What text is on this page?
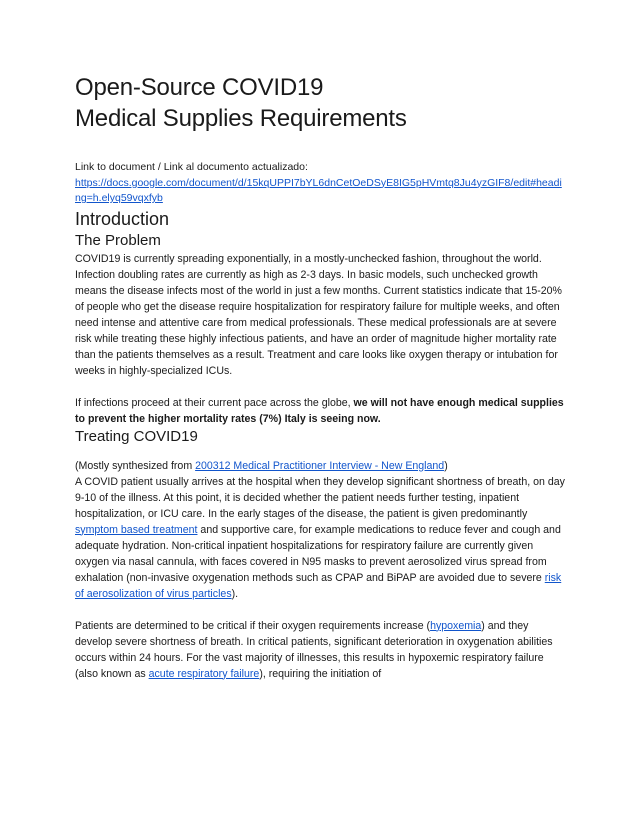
Open-Source COVID19
Medical Supplies Requirements
Link to document / Link al documento actualizado:
https://docs.google.com/document/d/15kqUPPI7bYL6dnCetOeDSyE8IG5pHVmtq8Ju4yzGIF8/edit#heading=h.elyq59vqxfyb
Introduction
The Problem

COVID19 is currently spreading exponentially, in a mostly-unchecked fashion, throughout the world. Infection doubling rates are currently as high as 2-3 days. In basic models, such unchecked growth means the disease infects most of the world in just a few months. Current statistics indicate that 15-20% of people who get the disease require hospitalization for respiratory failure for multiple weeks, and often need intense and attentive care from medical professionals. These medical professionals are at severe risk while treating these highly infectious patients, and have an order of magnitude higher mortality rate than the patients themselves as a result. Treatment and care looks like oxygen therapy or intubation for weeks in highly-specialized ICUs.

If infections proceed at their current pace across the globe, we will not have enough medical supplies to prevent the higher mortality rates (7%) Italy is seeing now.

Treating COVID19

(Mostly synthesized from 200312 Medical Practitioner Interview - New England)

A COVID patient usually arrives at the hospital when they develop significant shortness of breath, on day 9-10 of the illness. At this point, it is decided whether the patient needs further testing, inpatient hospitalization, or ICU care. In the early stages of the disease, the patient is given predominantly symptom based treatment and supportive care, for example medications to reduce fever and cough and adequate hydration. Non-critical inpatient hospitalizations for respiratory failure are currently given oxygen via nasal cannula, with faces covered in N95 masks to prevent aerosolized virus spread from exhalation (non-invasive oxygenation methods such as CPAP and BiPAP are avoided due to severe risk of aerosolization of virus particles).

Patients are determined to be critical if their oxygen requirements increase (hypoxemia) and they develop severe shortness of breath. In critical patients, significant deterioration in oxygenation abilities occurs within 24 hours. For the vast majority of illnesses, this results in hypoxemic respiratory failure (also known as acute respiratory failure), requiring the initiation of
